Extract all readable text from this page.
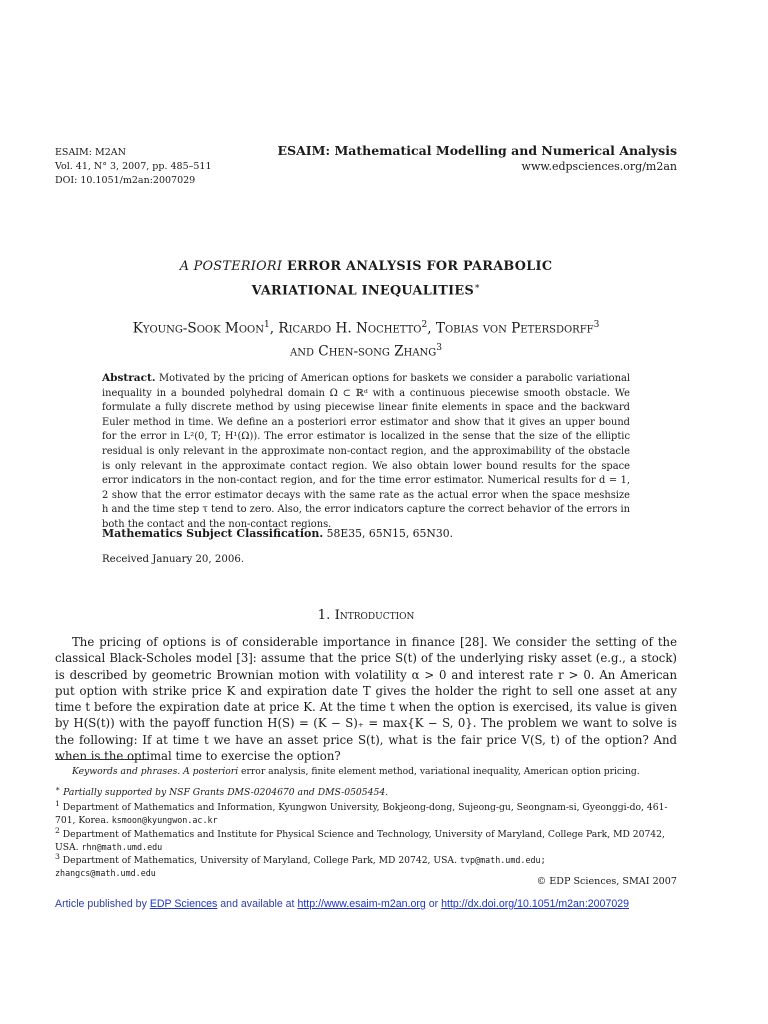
ESAIM: M2AN
Vol. 41, N° 3, 2007, pp. 485–511
DOI: 10.1051/m2an:2007029
ESAIM: Mathematical Modelling and Numerical Analysis
www.edpsciences.org/m2an
A POSTERIORI ERROR ANALYSIS FOR PARABOLIC
VARIATIONAL INEQUALITIES∗
Kyoung-Sook Moon$^1$, Ricardo H. Nochetto$^2$, Tobias von Petersdorff$^3$
and Chen-song Zhang$^3$
Abstract. Motivated by the pricing of American options for baskets we consider a parabolic variational inequality in a bounded polyhedral domain Ω ⊂ ℝᵈ with a continuous piecewise smooth obstacle. We formulate a fully discrete method by using piecewise linear finite elements in space and the backward Euler method in time. We define an a posteriori error estimator and show that it gives an upper bound for the error in L²(0, T; H¹(Ω)). The error estimator is localized in the sense that the size of the elliptic residual is only relevant in the approximate non-contact region, and the approximability of the obstacle is only relevant in the approximate contact region. We also obtain lower bound results for the space error indicators in the non-contact region, and for the time error estimator. Numerical results for d = 1, 2 show that the error estimator decays with the same rate as the actual error when the space meshsize h and the time step τ tend to zero. Also, the error indicators capture the correct behavior of the errors in both the contact and the non-contact regions.
Mathematics Subject Classification. 58E35, 65N15, 65N30.
Received January 20, 2006.
1. Introduction
The pricing of options is of considerable importance in finance [28]. We consider the setting of the classical Black-Scholes model [3]: assume that the price S(t) of the underlying risky asset (e.g., a stock) is described by geometric Brownian motion with volatility α > 0 and interest rate r > 0. An American put option with strike price K and expiration date T gives the holder the right to sell one asset at any time t before the expiration date at price K. At the time t when the option is exercised, its value is given by H(S(t)) with the payoff function H(S) = (K − S)₊ = max{K − S, 0}. The problem we want to solve is the following: If at time t we have an asset price S(t), what is the fair price V(S, t) of the option? And when is the optimal time to exercise the option?
Keywords and phrases. A posteriori error analysis, finite element method, variational inequality, American option pricing.
∗ Partially supported by NSF Grants DMS-0204670 and DMS-0505454.
$^1$ Department of Mathematics and Information, Kyungwon University, Bokjeong-dong, Sujeong-gu, Seongnam-si, Gyeonggi-do, 461-701, Korea. ksmoon@kyungwon.ac.kr
$^2$ Department of Mathematics and Institute for Physical Science and Technology, University of Maryland, College Park, MD 20742, USA. rhn@math.umd.edu
$^3$ Department of Mathematics, University of Maryland, College Park, MD 20742, USA. tvp@math.umd.edu;
zhangcs@math.umd.edu
© EDP Sciences, SMAI 2007
Article published by EDP Sciences and available at http://www.esaim-m2an.org or http://dx.doi.org/10.1051/m2an:2007029
